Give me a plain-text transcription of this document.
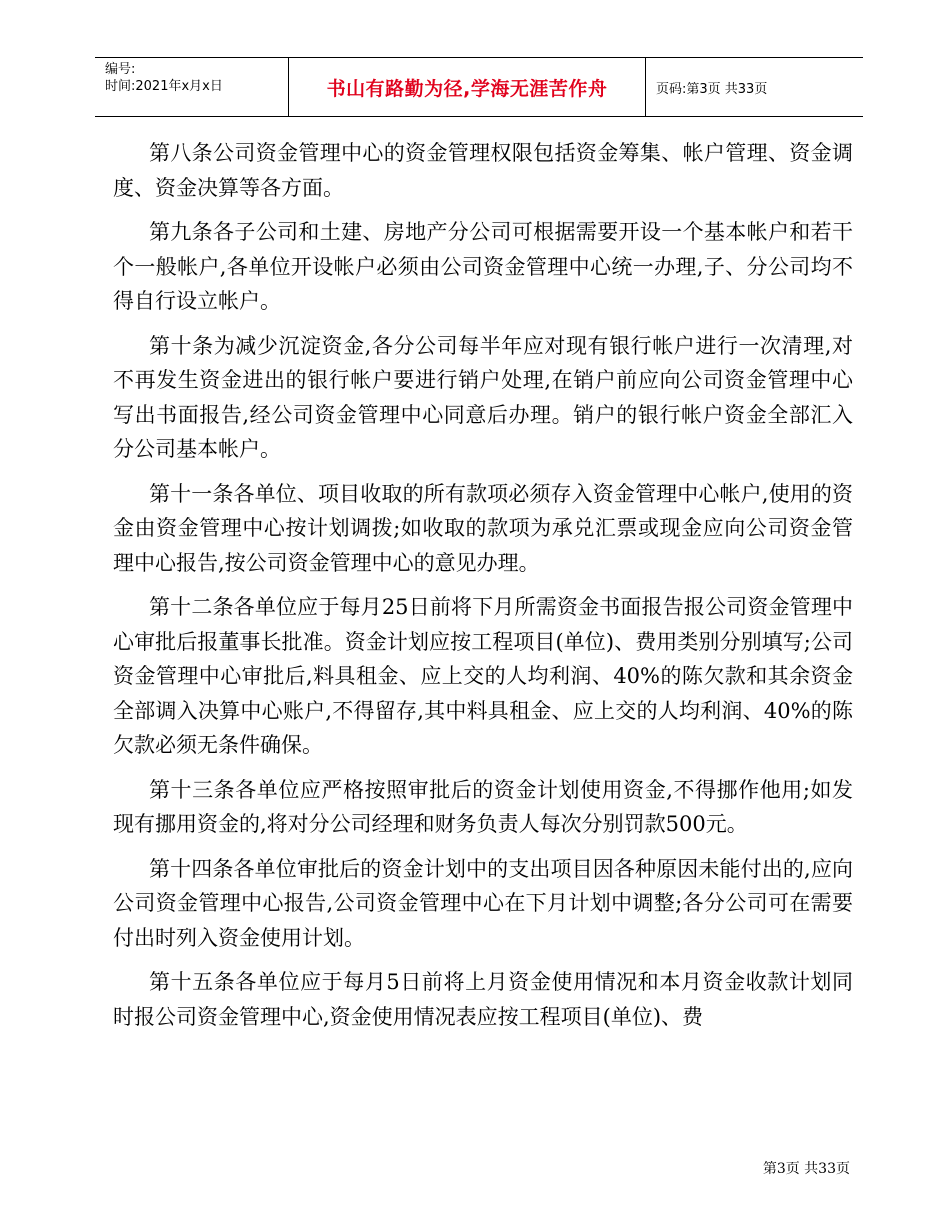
编号:
时间:2021年x月x日	书山有路勤为径,学海无涯苦作舟	页码:第3页 共33页

第八条公司资金管理中心的资金管理权限包括资金筹集、帐户管理、资金调度、资金决算等各方面。

第九条各子公司和土建、房地产分公司可根据需要开设一个基本帐户和若干个一般帐户,各单位开设帐户必须由公司资金管理中心统一办理,子、分公司均不得自行设立帐户。

第十条为减少沉淀资金,各分公司每半年应对现有银行帐户进行一次清理,对不再发生资金进出的银行帐户要进行销户处理,在销户前应向公司资金管理中心写出书面报告,经公司资金管理中心同意后办理。销户的银行帐户资金全部汇入分公司基本帐户。

第十一条各单位、项目收取的所有款项必须存入资金管理中心帐户,使用的资金由资金管理中心按计划调拨;如收取的款项为承兑汇票或现金应向公司资金管理中心报告,按公司资金管理中心的意见办理。

第十二条各单位应于每月25日前将下月所需资金书面报告报公司资金管理中心审批后报董事长批准。资金计划应按工程项目(单位)、费用类别分别填写;公司资金管理中心审批后,料具租金、应上交的人均利润、40%的陈欠款和其余资金全部调入决算中心账户,不得留存,其中料具租金、应上交的人均利润、40%的陈欠款必须无条件确保。

第十三条各单位应严格按照审批后的资金计划使用资金,不得挪作他用;如发现有挪用资金的,将对分公司经理和财务负责人每次分别罚款500元。

第十四条各单位审批后的资金计划中的支出项目因各种原因未能付出的,应向公司资金管理中心报告,公司资金管理中心在下月计划中调整;各分公司可在需要付出时列入资金使用计划。

第十五条各单位应于每月5日前将上月资金使用情况和本月资金收款计划同时报公司资金管理中心,资金使用情况表应按工程项目(单位)、费

第3页 共33页
